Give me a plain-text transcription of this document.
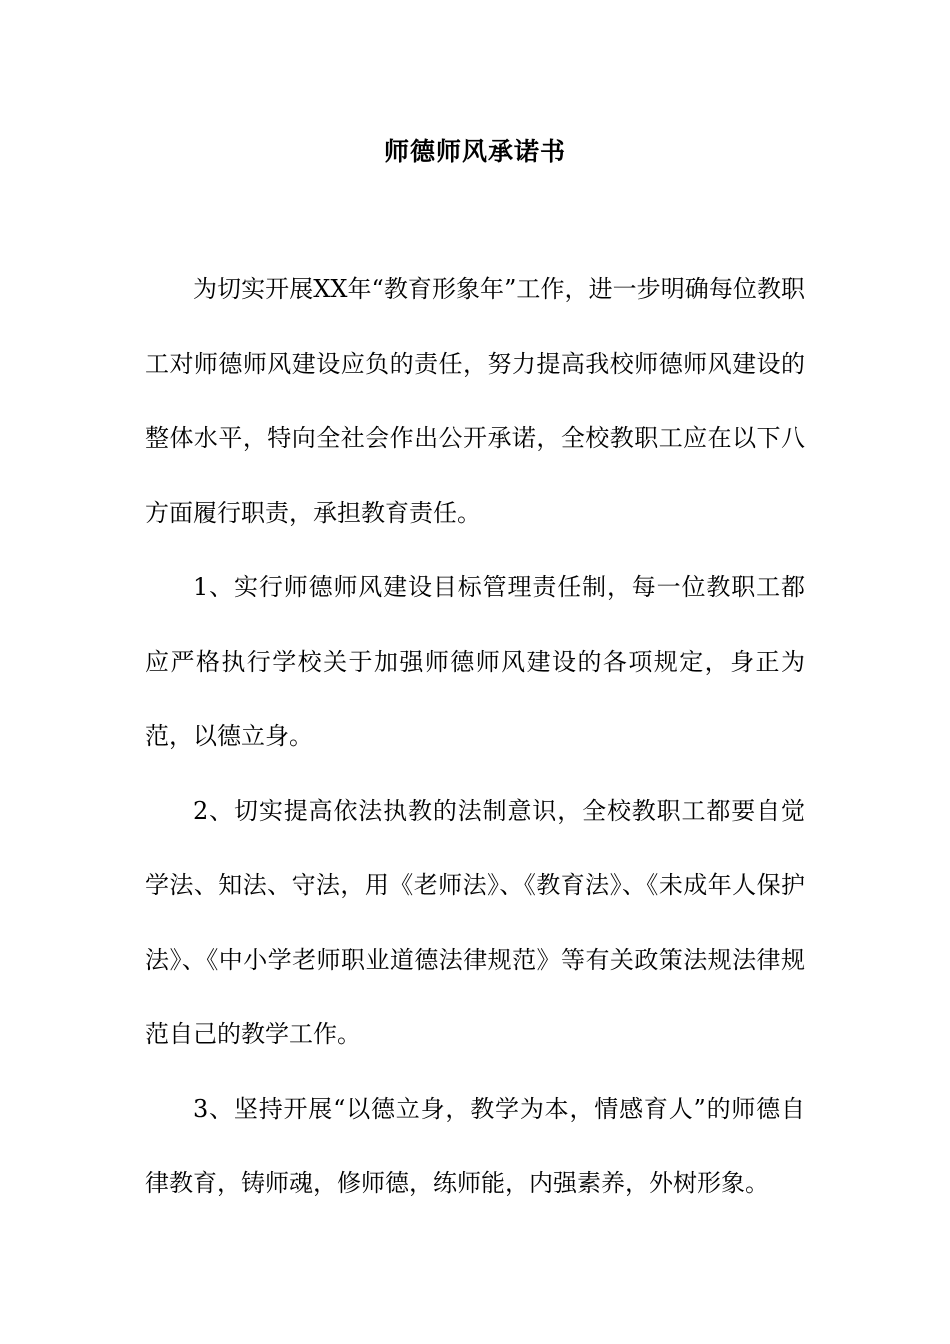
师德师风承诺书

为切实开展XX年“教育形象年”工作，进一步明确每位教职工对师德师风建设应负的责任，努力提高我校师德师风建设的整体水平，特向全社会作出公开承诺，全校教职工应在以下八方面履行职责，承担教育责任。

1、实行师德师风建设目标管理责任制，每一位教职工都应严格执行学校关于加强师德师风建设的各项规定，身正为范，以德立身。

2、切实提高依法执教的法制意识，全校教职工都要自觉学法、知法、守法，用《老师法》、《教育法》、《未成年人保护法》、《中小学老师职业道德法律规范》等有关政策法规法律规范自己的教学工作。

3、坚持开展“以德立身，教学为本，情感育人”的师德自律教育，铸师魂，修师德，练师能，内强素养，外树形象。
